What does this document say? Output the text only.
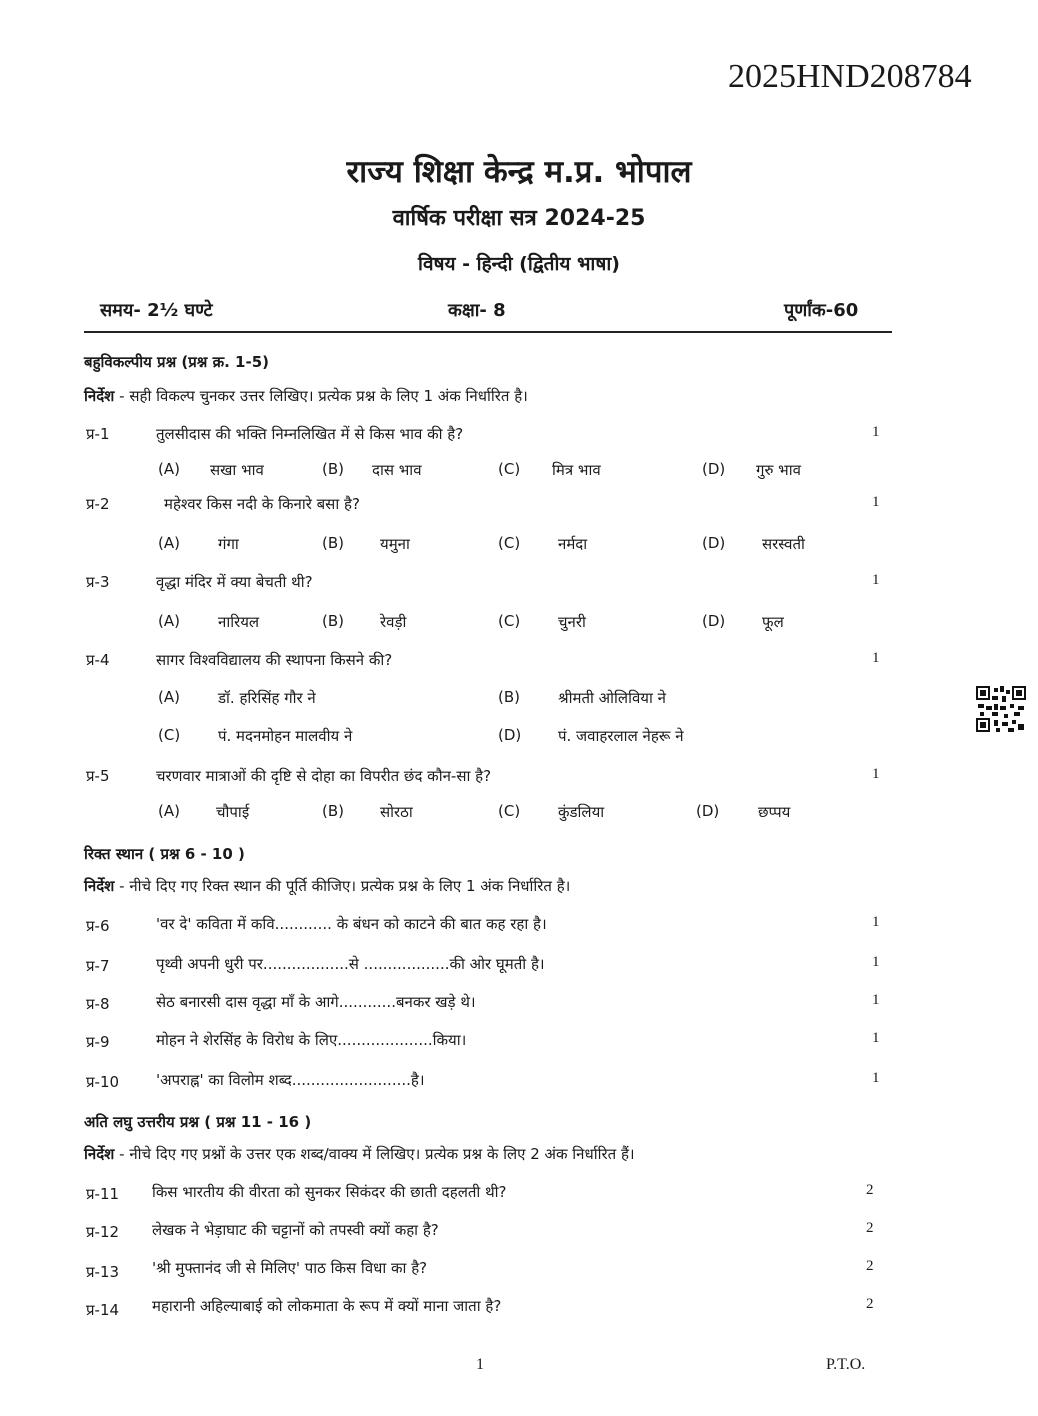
2025HND208784
राज्य शिक्षा केन्द्र म.प्र. भोपाल
वार्षिक परीक्षा सत्र 2024-25
विषय - हिन्दी (द्वितीय भाषा)
समय- 2½ घण्टे	कक्षा- 8	पूर्णांक-60
बहुविकल्पीय प्रश्न (प्रश्न क्र. 1-5)
निर्देश - सही विकल्प चुनकर उत्तर लिखिए। प्रत्येक प्रश्न के लिए 1 अंक निर्धारित है।
प्र-1	तुलसीदास की भक्ति निम्नलिखित में से किस भाव की है?	1
(A) सखा भाव	(B) दास भाव	(C) मित्र भाव	(D) गुरु भाव
प्र-2	महेश्वर किस नदी के किनारे बसा है?	1
(A)	गंगा	(B) यमुना	(C)	नर्मदा	(D) सरस्वती
प्र-3	वृद्धा मंदिर में क्या बेचती थी?	1
(A)	नारियल	(B) रेवड़ी	(C)	चुनरी	(D) फूल
प्र-4	सागर विश्वविद्यालय की स्थापना किसने की?	1
(A)	डॉ. हरिसिंह गौर ने	(B)	श्रीमती ओलिविया ने
(C)	पं. मदनमोहन मालवीय ने	(D) पं. जवाहरलाल नेहरू ने
प्र-5	चरणवार मात्राओं की दृष्टि से दोहा का विपरीत छंद कौन-सा है?	1
(A) चौपाई	(B) सोरठा	(C)	कुंडलिया	(D)	छप्पय
रिक्त स्थान ( प्रश्न 6 - 10 )
निर्देश - नीचे दिए गए रिक्त स्थान की पूर्ति कीजिए। प्रत्येक प्रश्न के लिए 1 अंक निर्धारित है।
प्र-6	'वर दे' कविता में कवि............ के बंधन को काटने की बात कह रहा है।	1
प्र-7	पृथ्वी अपनी धुरी पर..................से ..................की ओर घूमती है।	1
प्र-8	सेठ बनारसी दास वृद्धा माँ के आगे............बनकर खड़े थे।	1
प्र-9	मोहन ने शेरसिंह के विरोध के लिए....................किया।	1
प्र-10 'अपराह्न' का विलोम शब्द.........................है।	1
अति लघु उत्तरीय प्रश्न ( प्रश्न 11 - 16 )
निर्देश - नीचे दिए गए प्रश्नों के उत्तर एक शब्द/वाक्य में लिखिए। प्रत्येक प्रश्न के लिए 2 अंक निर्धारित हैं।
प्र-11 किस भारतीय की वीरता को सुनकर सिकंदर की छाती दहलती थी?	2
प्र-12 लेखक ने भेड़ाघाट की चट्टानों को तपस्वी क्यों कहा है?	2
प्र-13 'श्री मुफ्तानंद जी से मिलिए' पाठ किस विधा का है?	2
प्र-14 महारानी अहिल्याबाई को लोकमाता के रूप में क्यों माना जाता है?	2
1	P.T.O.
